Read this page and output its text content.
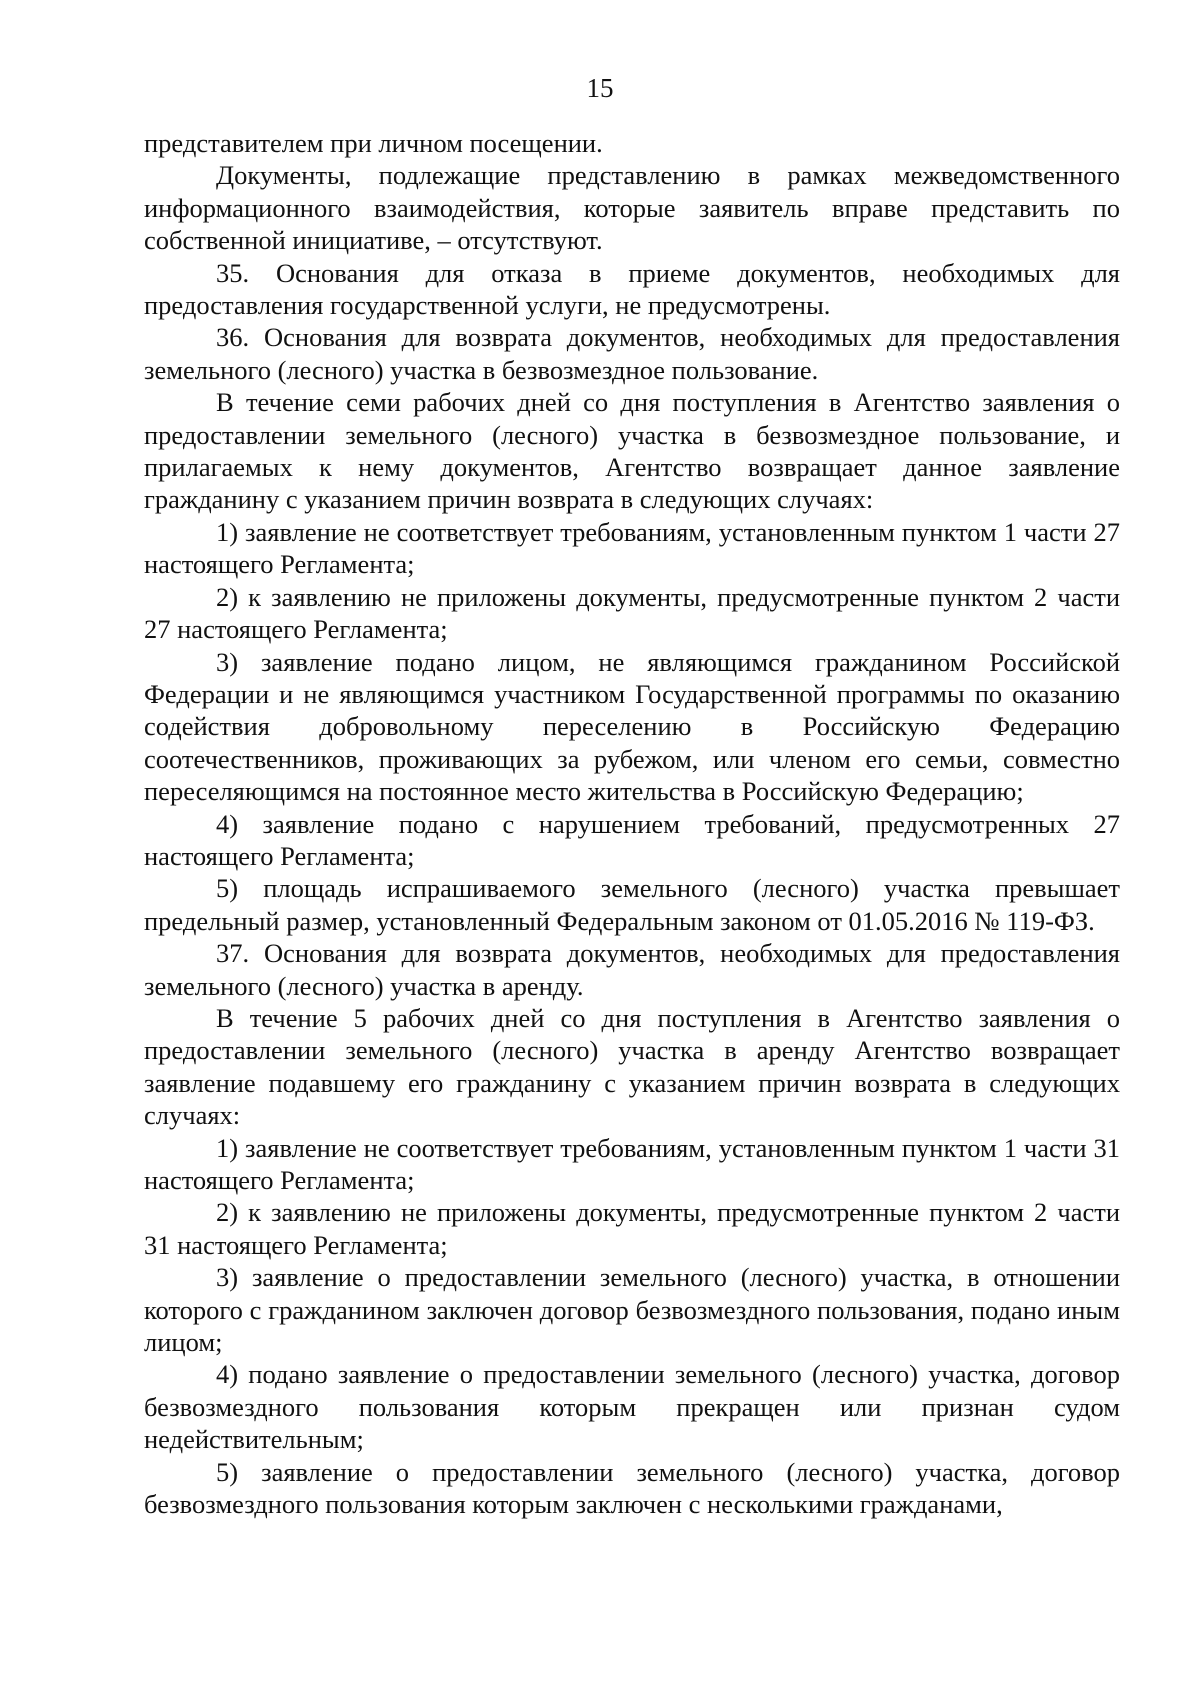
15

представителем при личном посещении.

Документы, подлежащие представлению в рамках межведомственного информационного взаимодействия, которые заявитель вправе представить по собственной инициативе, – отсутствуют.

35. Основания для отказа в приеме документов, необходимых для предоставления государственной услуги, не предусмотрены.

36. Основания для возврата документов, необходимых для предоставления земельного (лесного) участка в безвозмездное пользование.

В течение семи рабочих дней со дня поступления в Агентство заявления о предоставлении земельного (лесного) участка в безвозмездное пользование, и прилагаемых к нему документов, Агентство возвращает данное заявление гражданину с указанием причин возврата в следующих случаях:

1) заявление не соответствует требованиям, установленным пунктом 1 части 27 настоящего Регламента;

2) к заявлению не приложены документы, предусмотренные пунктом 2 части 27 настоящего Регламента;

3) заявление подано лицом, не являющимся гражданином Российской Федерации и не являющимся участником Государственной программы по оказанию содействия добровольному переселению в Российскую Федерацию соотечественников, проживающих за рубежом, или членом его семьи, совместно переселяющимся на постоянное место жительства в Российскую Федерацию;

4) заявление подано с нарушением требований, предусмотренных 27 настоящего Регламента;

5) площадь испрашиваемого земельного (лесного) участка превышает предельный размер, установленный Федеральным законом от 01.05.2016 № 119-ФЗ.

37. Основания для возврата документов, необходимых для предоставления земельного (лесного) участка в аренду.

В течение 5 рабочих дней со дня поступления в Агентство заявления о предоставлении земельного (лесного) участка в аренду Агентство возвращает заявление подавшему его гражданину с указанием причин возврата в следующих случаях:

1) заявление не соответствует требованиям, установленным пунктом 1 части 31 настоящего Регламента;

2) к заявлению не приложены документы, предусмотренные пунктом 2 части 31 настоящего Регламента;

3) заявление о предоставлении земельного (лесного) участка, в отношении которого с гражданином заключен договор безвозмездного пользования, подано иным лицом;

4) подано заявление о предоставлении земельного (лесного) участка, договор безвозмездного пользования которым прекращен или признан судом недействительным;

5) заявление о предоставлении земельного (лесного) участка, договор безвозмездного пользования которым заключен с несколькими гражданами,
